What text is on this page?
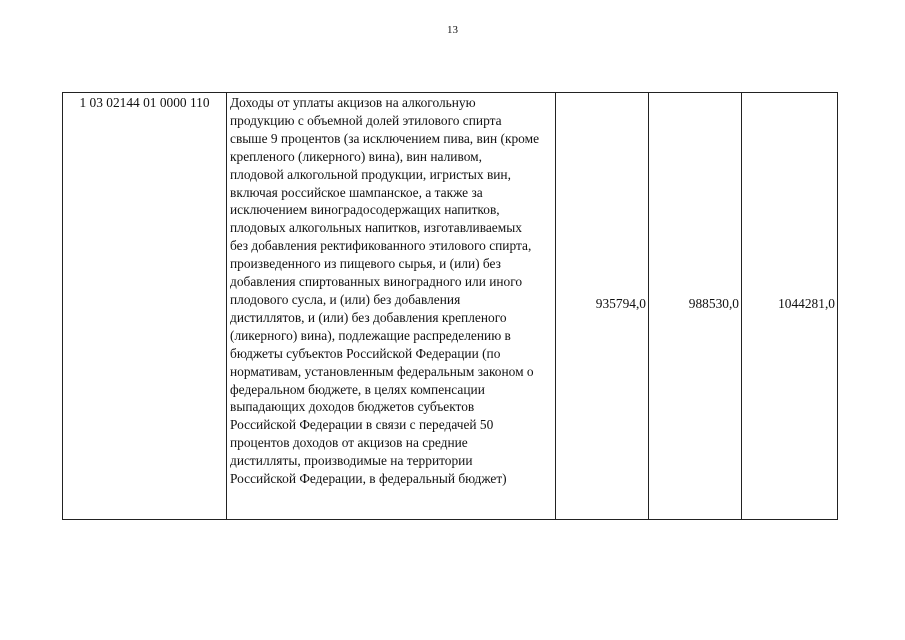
13
1 03 02144 01 0000 110	Доходы от уплаты акцизов на алкогольную
продукцию с объемной долей этилового спирта
свыше 9 процентов (за исключением пива, вин (кроме
крепленого (ликерного) вина), вин наливом,
плодовой алкогольной продукции, игристых вин,
включая российское шампанское, а также за
исключением виноградосодержащих напитков,
плодовых алкогольных напитков, изготавливаемых
без добавления ректификованного этилового спирта,
произведенного из пищевого сырья, и (или) без
добавления спиртованных виноградного или иного
плодового сусла, и (или) без добавления
дистиллятов, и (или) без добавления крепленого
(ликерного) вина), подлежащие распределению в
бюджеты субъектов Российской Федерации (по
нормативам, установленным федеральным законом о
федеральном бюджете, в целях компенсации
выпадающих доходов бюджетов субъектов
Российской Федерации в связи с передачей 50
процентов доходов от акцизов на средние
дистилляты, производимые на территории
Российской Федерации, в федеральный бюджет)
	935794,0	988530,0	1044281,0
